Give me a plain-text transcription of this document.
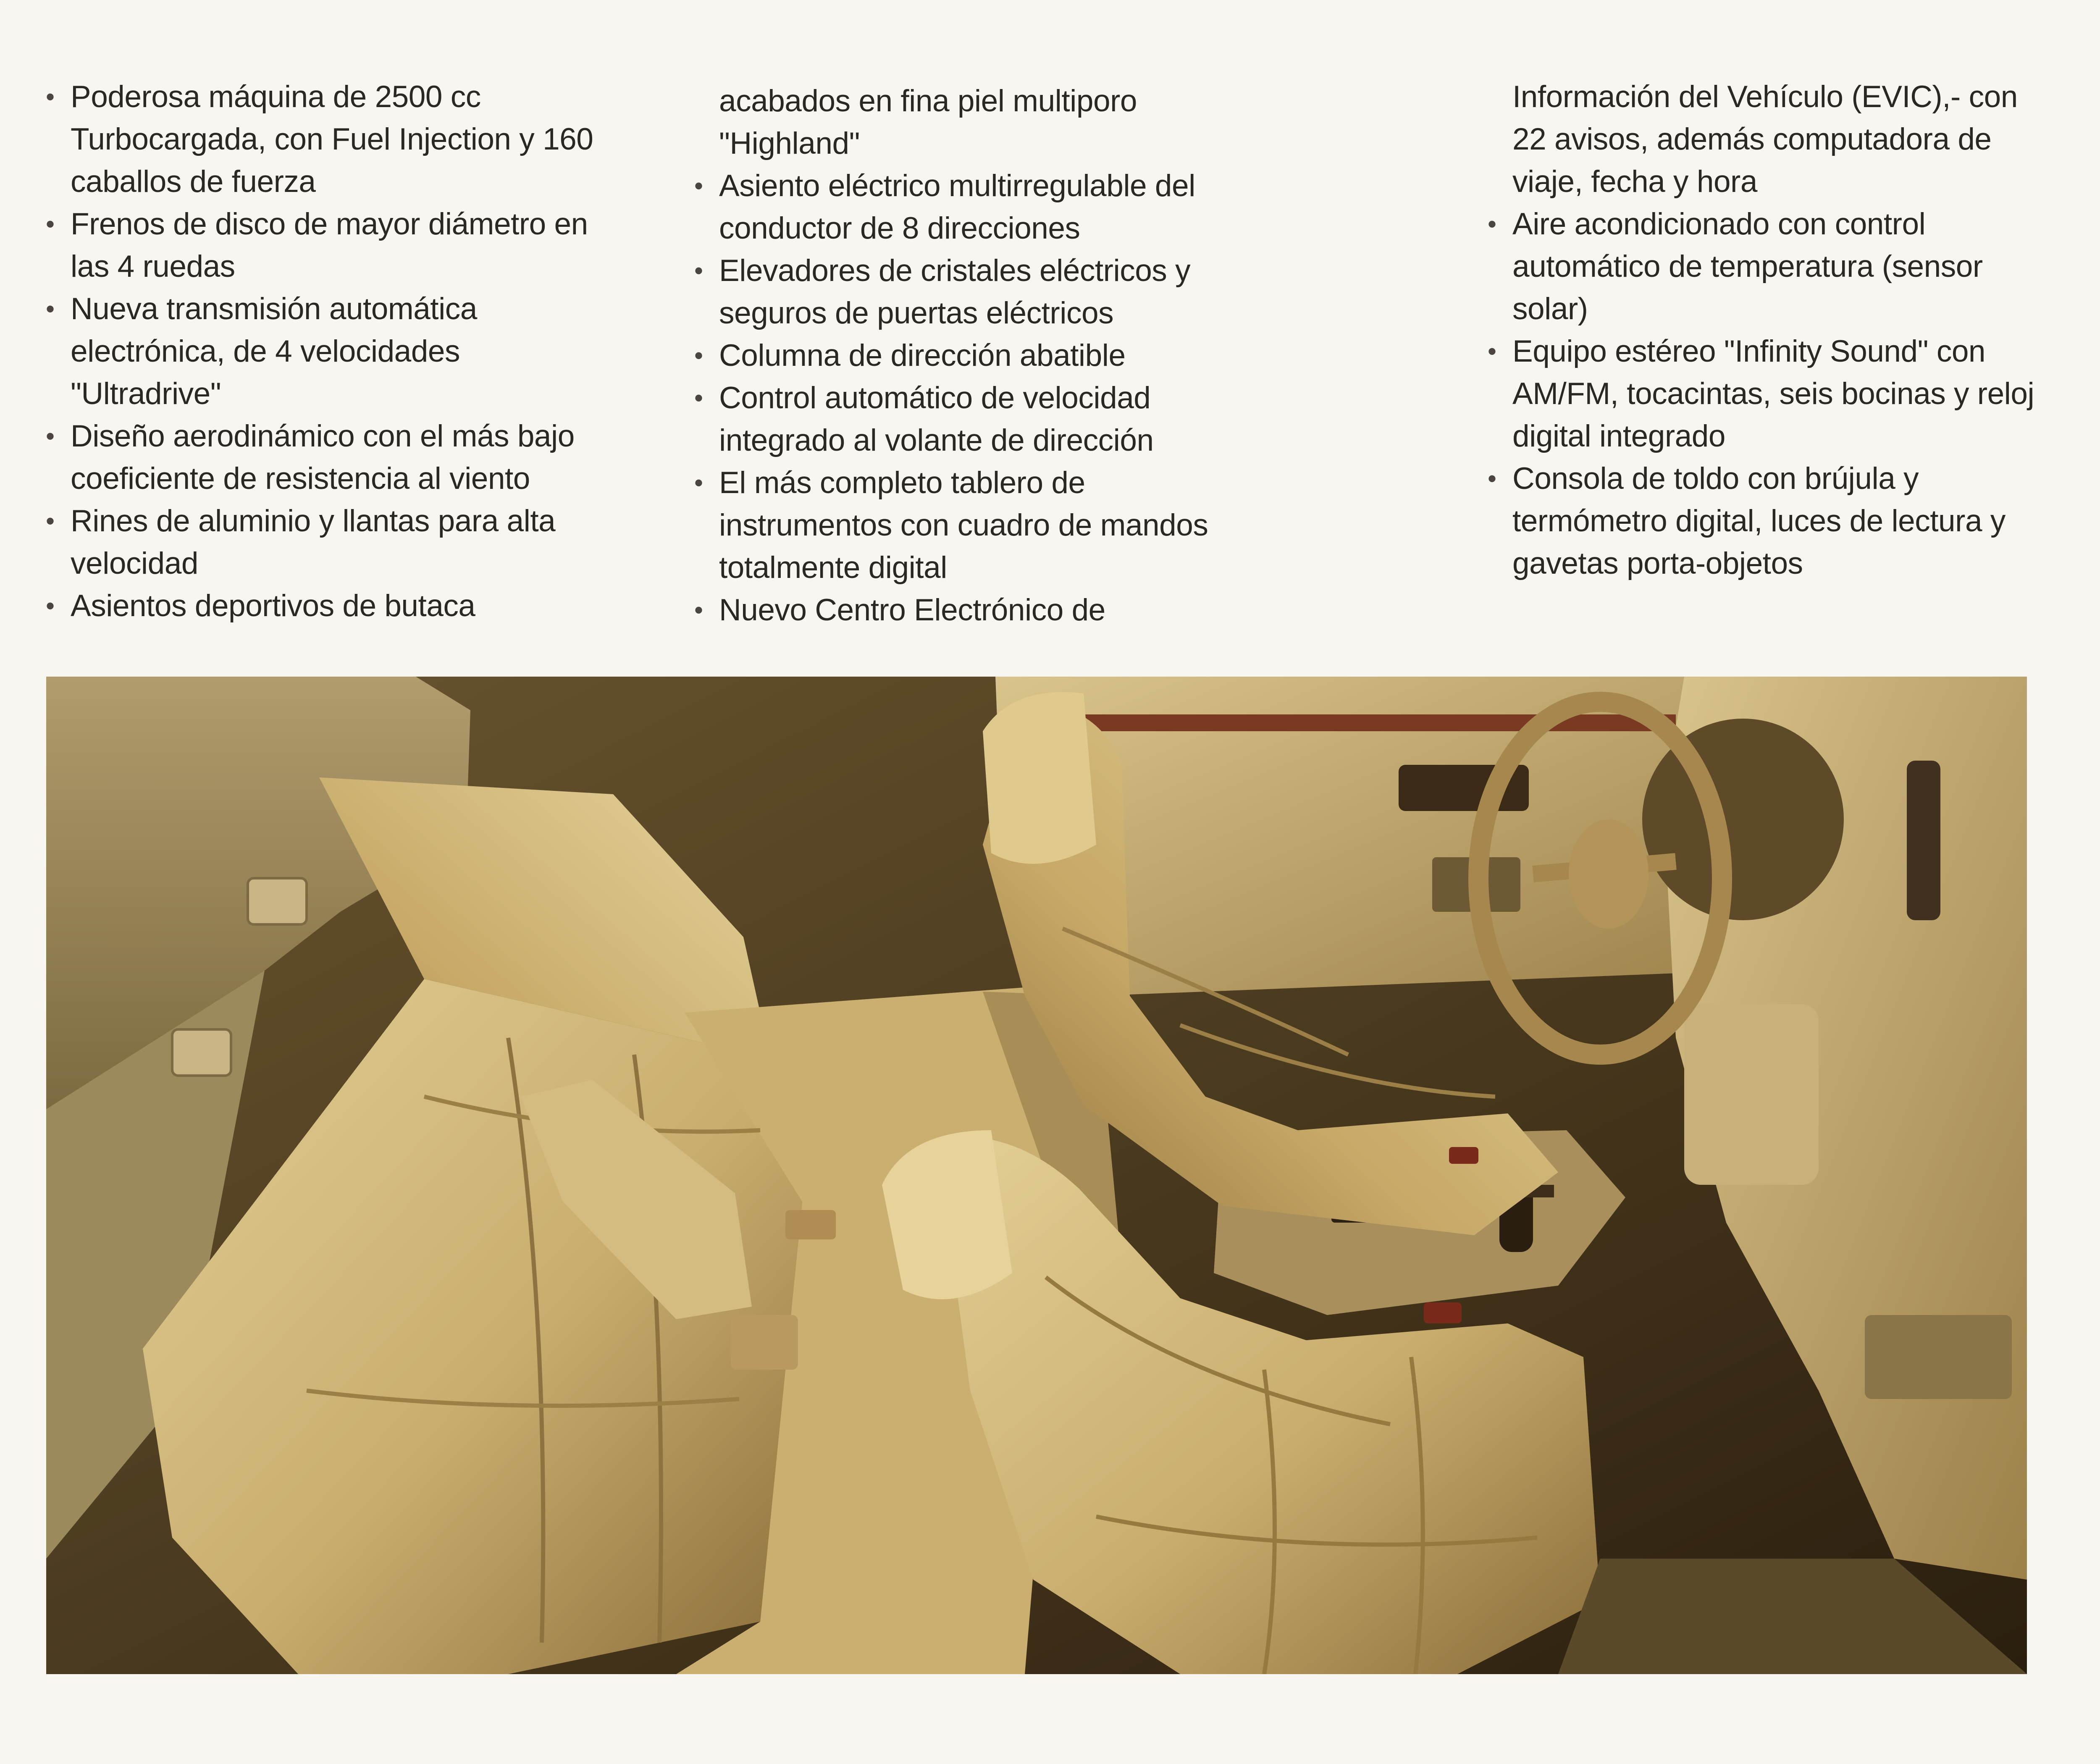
• Poderosa máquina de 2500 cc
Turbocargada, con Fuel Injection y 160
caballos de fuerza
• Frenos de disco de mayor diámetro en
las 4 ruedas
• Nueva transmisión automática
electrónica, de 4 velocidades
"Ultradrive"
• Diseño aerodinámico con el más bajo
coeficiente de resistencia al viento
• Rines de aluminio y llantas para alta
velocidad
• Asientos deportivos de butaca
acabados en fina piel multiporo
"Highland"
• Asiento eléctrico multirregulable del
conductor de 8 direcciones
• Elevadores de cristales eléctricos y
seguros de puertas eléctricos
• Columna de dirección abatible
• Control automático de velocidad
integrado al volante de dirección
• El más completo tablero de
instrumentos con cuadro de mandos
totalmente digital
• Nuevo Centro Electrónico de
Información del Vehículo (EVIC),- con
22 avisos, además computadora de
viaje, fecha y hora
• Aire acondicionado con control
automático de temperatura (sensor
solar)
• Equipo estéreo "Infinity Sound" con
AM/FM, tocacintas, seis bocinas y reloj
digital integrado
• Consola de toldo con brújula y
termómetro digital, luces de lectura y
gavetas porta-objetos
